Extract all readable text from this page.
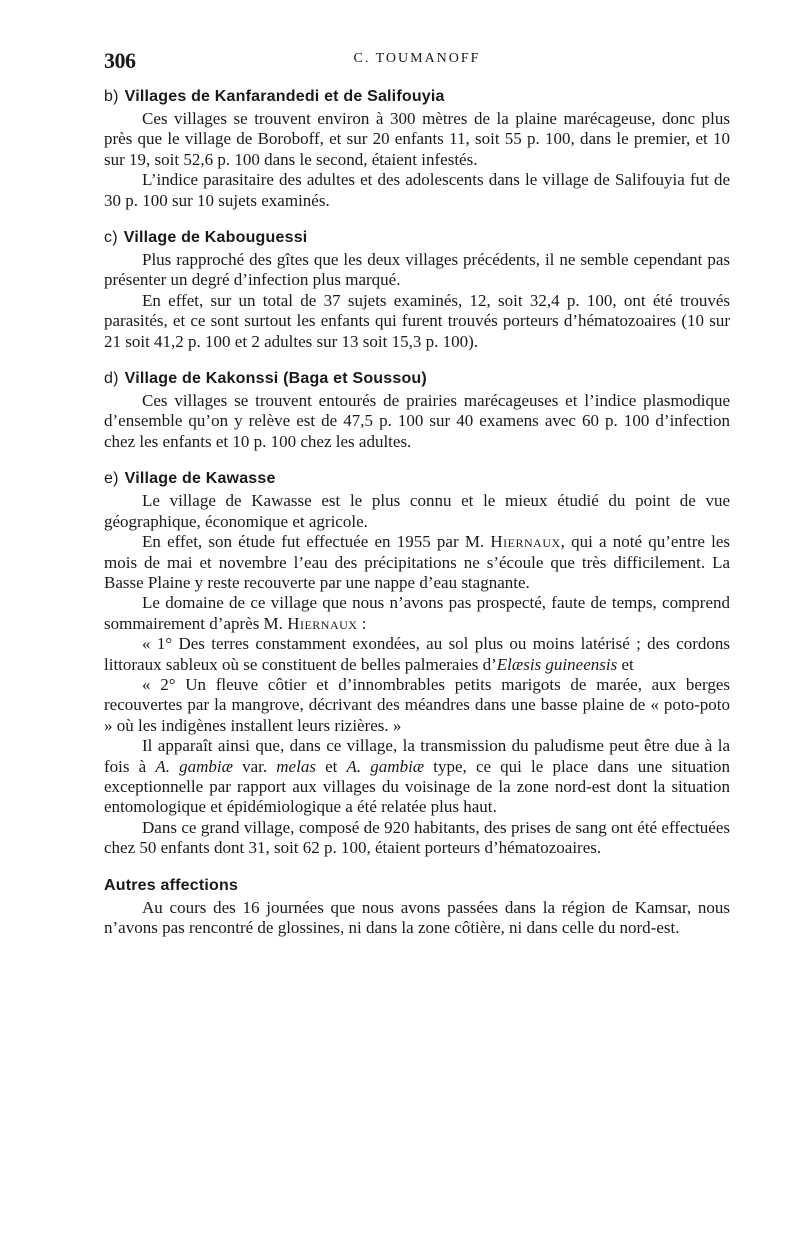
306	C. TOUMANOFF
b) Villages de Kanfarandedi et de Salifouyia

Ces villages se trouvent environ à 300 mètres de la plaine marécageuse, donc plus près que le village de Boroboff, et sur 20 enfants 11, soit 55 p. 100, dans le premier, et 10 sur 19, soit 52,6 p. 100 dans le second, étaient infestés.

L’indice parasitaire des adultes et des adolescents dans le village de Salifouyia fut de 30 p. 100 sur 10 sujets examinés.

c) Village de Kabouguessi

Plus rapproché des gîtes que les deux villages précédents, il ne semble cependant pas présenter un degré d’infection plus marqué.

En effet, sur un total de 37 sujets examinés, 12, soit 32,4 p. 100, ont été trouvés parasités, et ce sont surtout les enfants qui furent trouvés porteurs d’hématozoaires (10 sur 21 soit 41,2 p. 100 et 2 adultes sur 13 soit 15,3 p. 100).

d) Village de Kakonssi (Baga et Soussou)

Ces villages se trouvent entourés de prairies marécageuses et l’indice plasmodique d’ensemble qu’on y relève est de 47,5 p. 100 sur 40 examens avec 60 p. 100 d’infection chez les enfants et 10 p. 100 chez les adultes.

e) Village de Kawasse

Le village de Kawasse est le plus connu et le mieux étudié du point de vue géographique, économique et agricole.

En effet, son étude fut effectuée en 1955 par M. Hiernaux, qui a noté qu’entre les mois de mai et novembre l’eau des précipitations ne s’écoule que très difficilement. La Basse Plaine y reste recouverte par une nappe d’eau stagnante.

Le domaine de ce village que nous n’avons pas prospecté, faute de temps, comprend sommairement d’après M. Hiernaux :

« 1° Des terres constamment exondées, au sol plus ou moins latérisé ; des cordons littoraux sableux où se constituent de belles palmeraies d’Elæsis guineensis et

« 2° Un fleuve côtier et d’innombrables petits marigots de marée, aux berges recouvertes par la mangrove, décrivant des méandres dans une basse plaine de « poto-poto » où les indigènes installent leurs rizières. »

Il apparaît ainsi que, dans ce village, la transmission du paludisme peut être due à la fois à A. gambiæ var. melas et A. gambiæ type, ce qui le place dans une situation exceptionnelle par rapport aux villages du voisinage de la zone nord-est dont la situation entomologique et épidémiologique a été relatée plus haut.

Dans ce grand village, composé de 920 habitants, des prises de sang ont été effectuées chez 50 enfants dont 31, soit 62 p. 100, étaient porteurs d’hématozoaires.

Autres affections

Au cours des 16 journées que nous avons passées dans la région de Kamsar, nous n’avons pas rencontré de glossines, ni dans la zone côtière, ni dans celle du nord-est.
